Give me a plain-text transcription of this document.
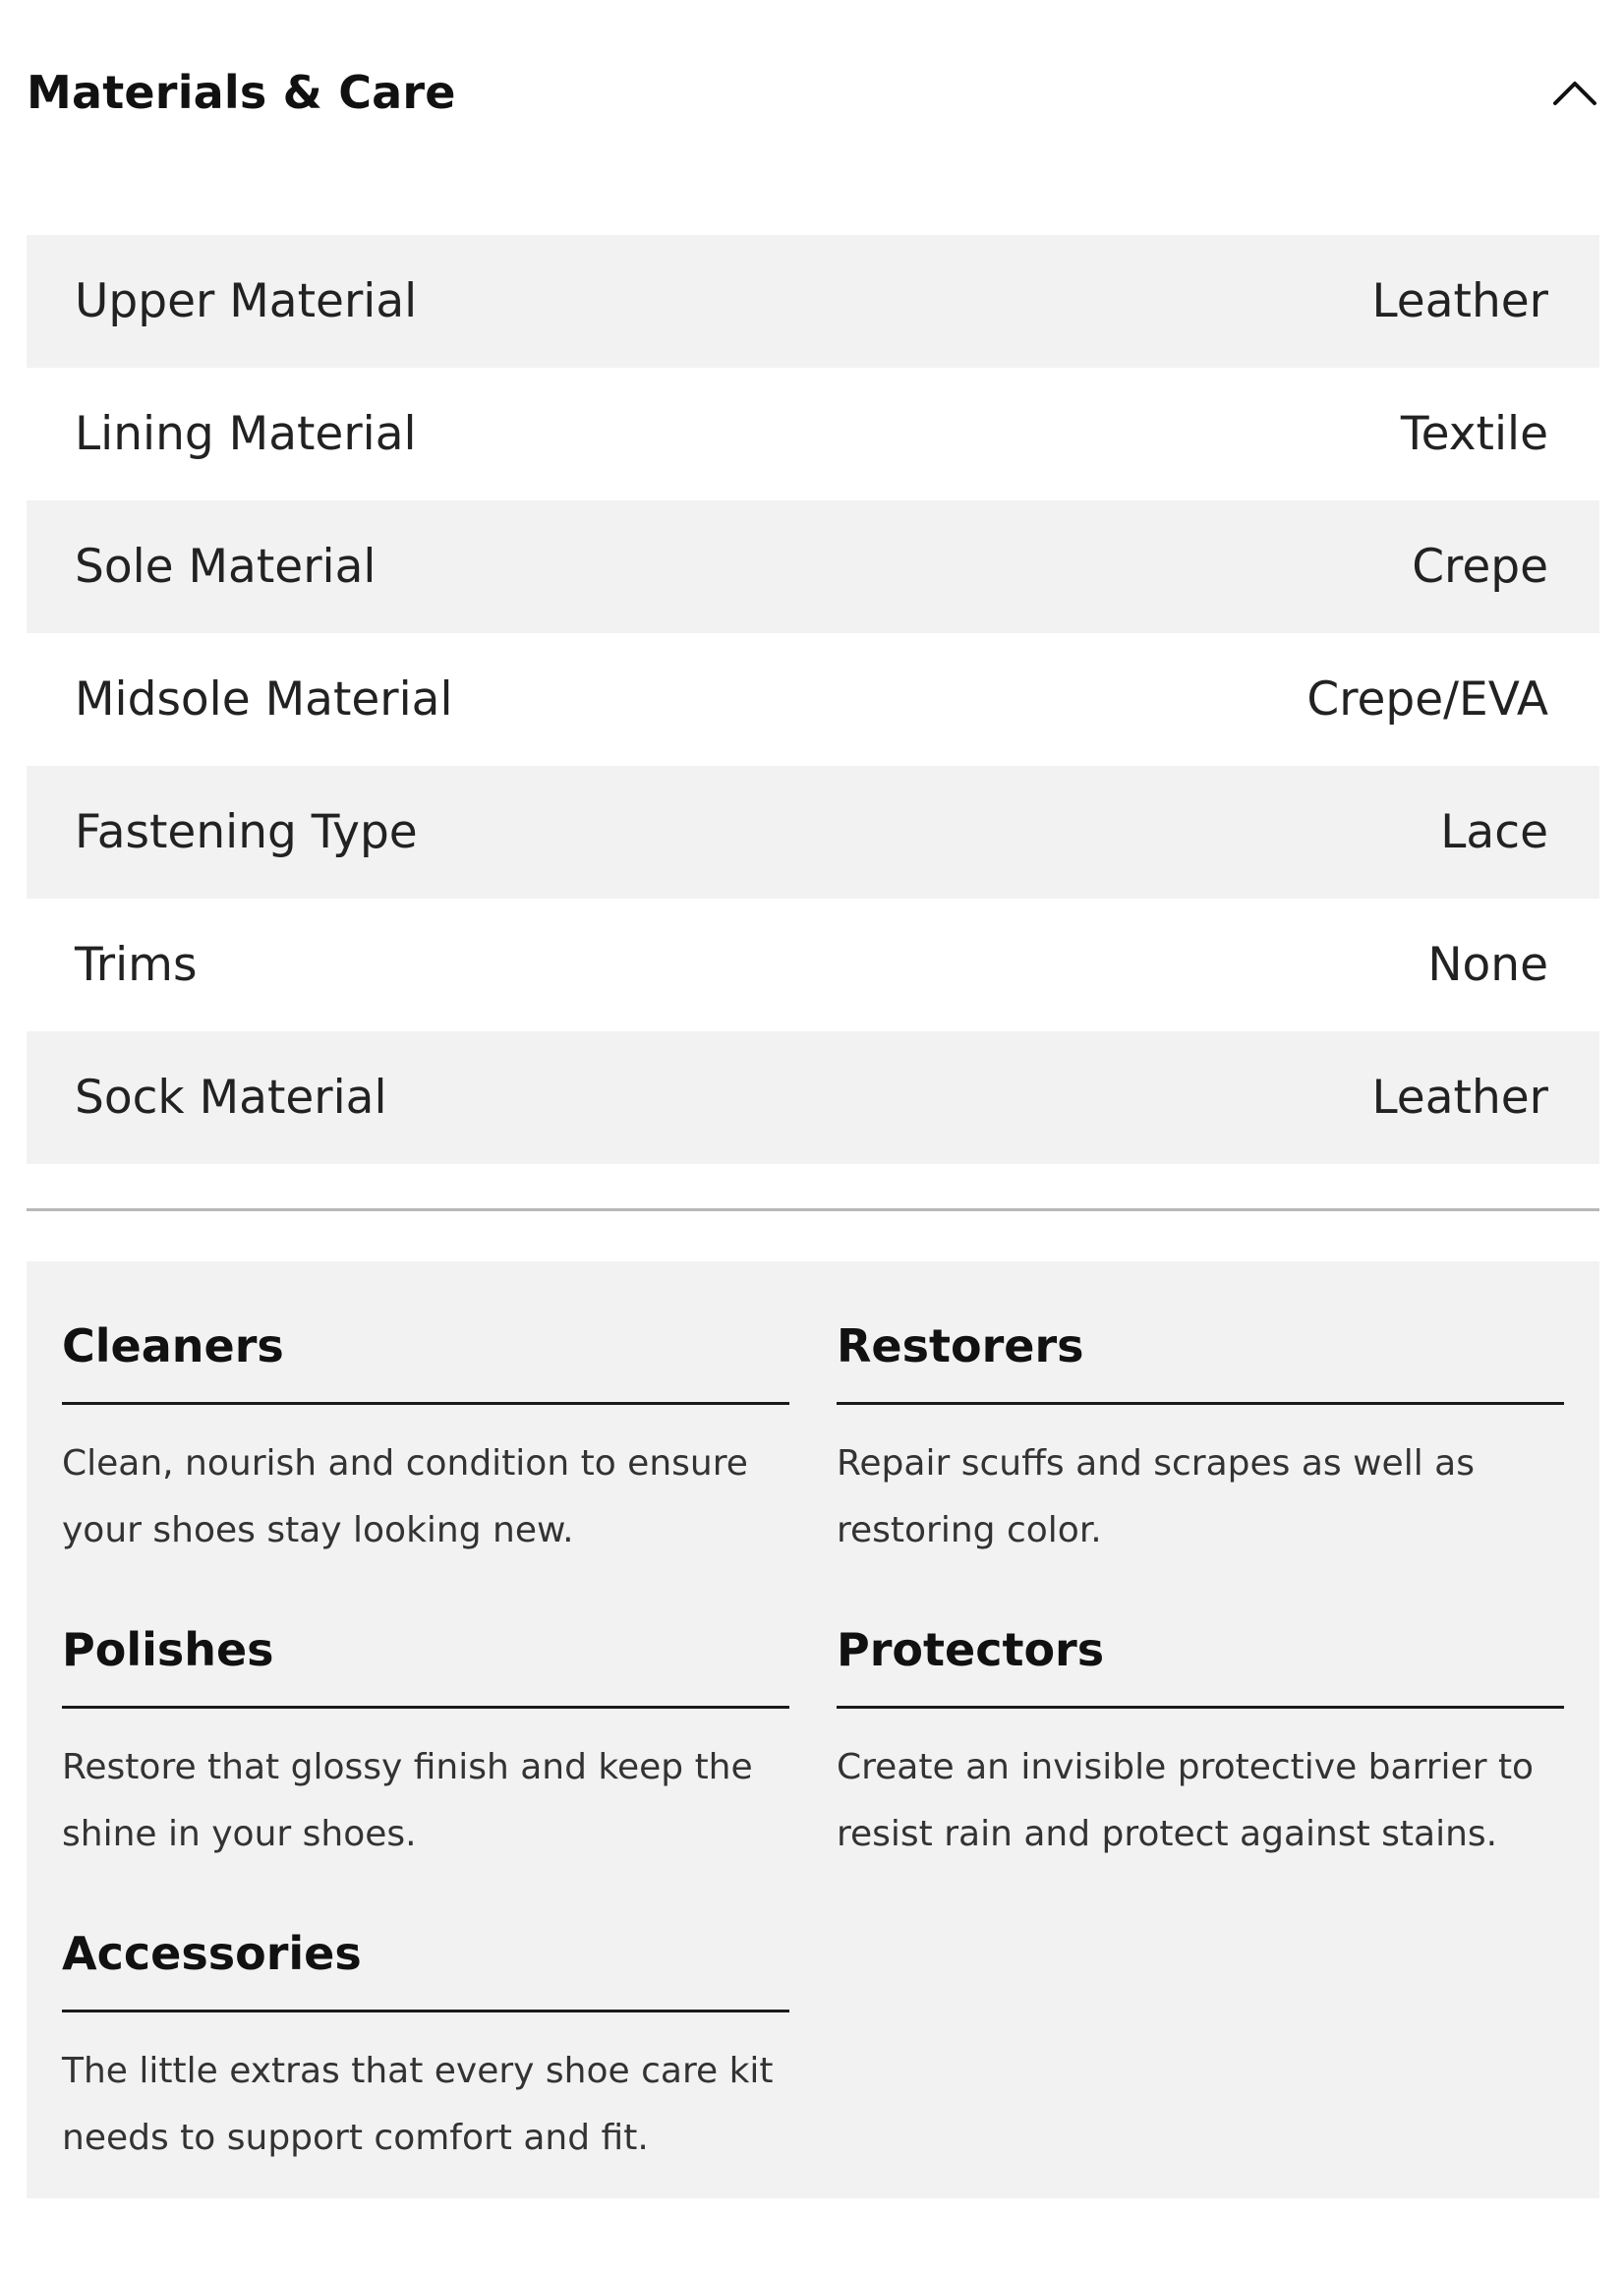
Materials & Care
Upper Material	Leather
Lining Material	Textile
Sole Material	Crepe
Midsole Material	Crepe/EVA
Fastening Type	Lace
Trims	None
Sock Material	Leather
Cleaners
Clean, nourish and condition to ensure your shoes stay looking new.
Restorers
Repair scuffs and scrapes as well as restoring color.
Polishes
Restore that glossy finish and keep the shine in your shoes.
Protectors
Create an invisible protective barrier to resist rain and protect against stains.
Accessories
The little extras that every shoe care kit needs to support comfort and fit.
